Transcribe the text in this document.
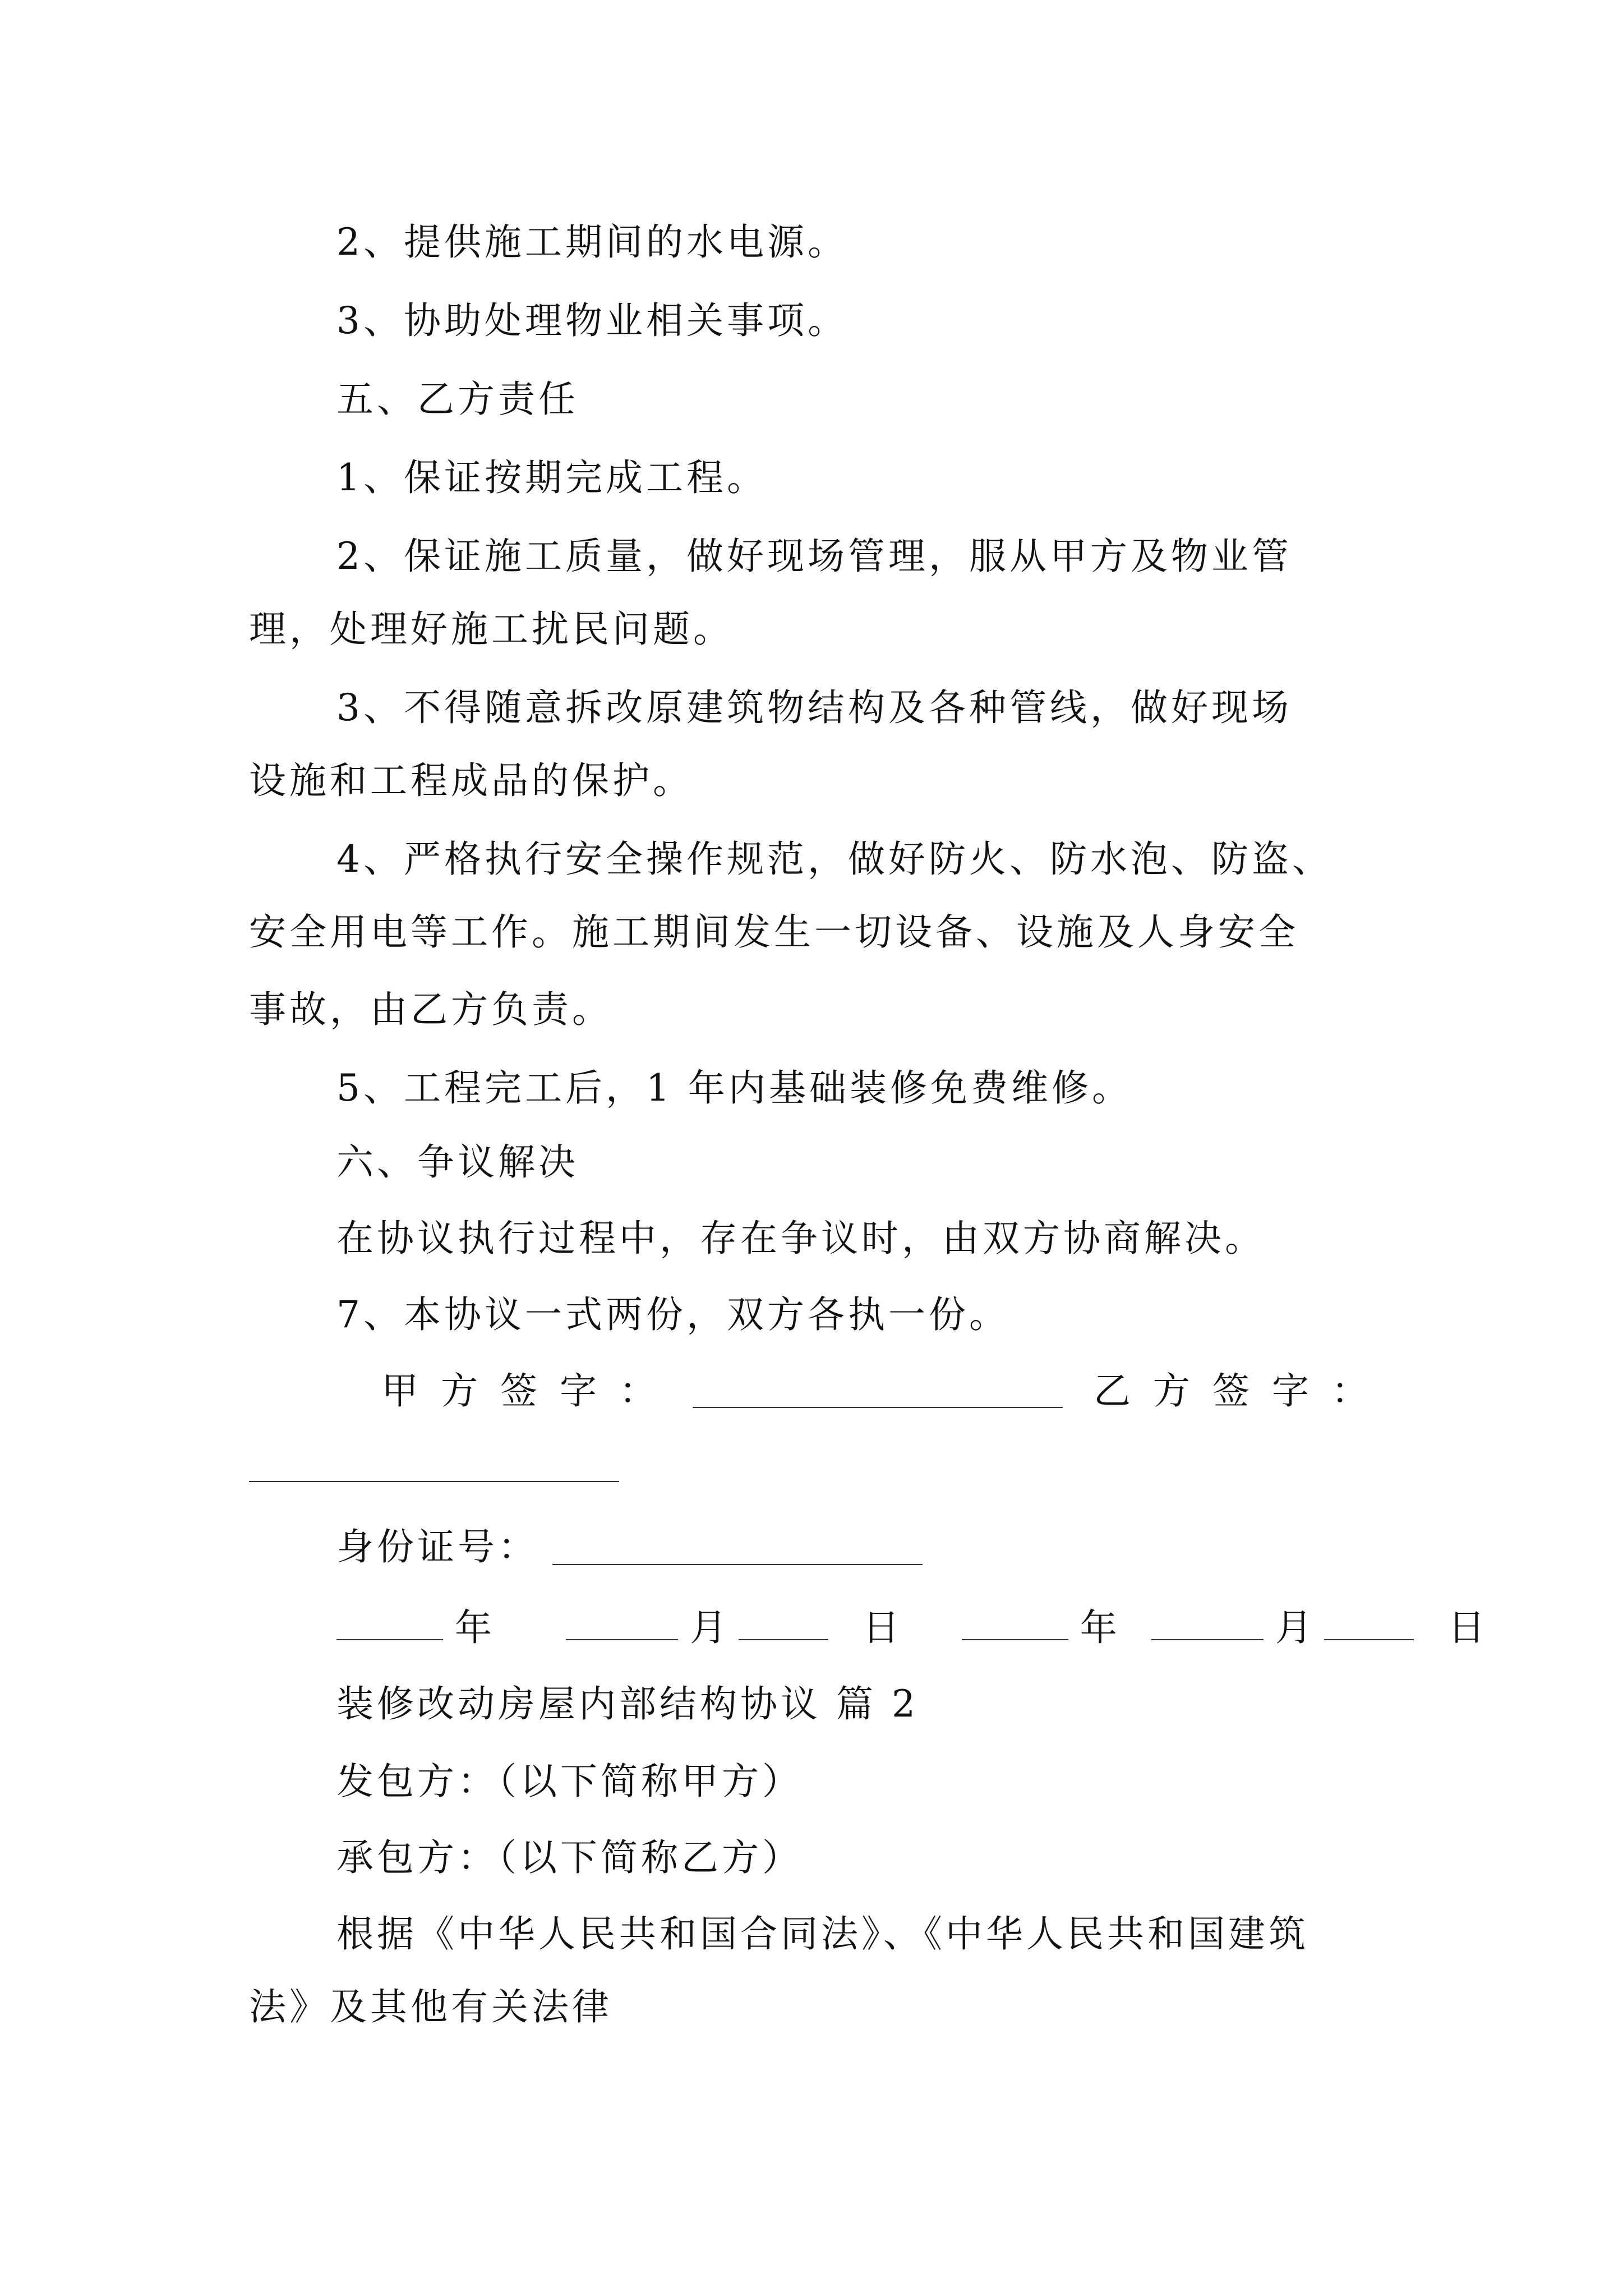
2、提供施工期间的水电源。
3、协助处理物业相关事项。
五、乙方责任
1、保证按期完成工程。
2、保证施工质量，做好现场管理，服从甲方及物业管
理，处理好施工扰民问题。
3、不得随意拆改原建筑物结构及各种管线，做好现场
设施和工程成品的保护。
4、严格执行安全操作规范，做好防火、防水泡、防盗、
安全用电等工作。施工期间发生一切设备、设施及人身安全
事故，由乙方负责。
5、工程完工后，1 年内基础装修免费维修。
六、争议解决
在协议执行过程中，存在争议时，由双方协商解决。
7、本协议一式两份，双方各执一份。
甲方签字：	乙方签字：
身份证号：
年	月	日	年	月	日
装修改动房屋内部结构协议 篇 2
发包方：（以下简称甲方）
承包方：（以下简称乙方）
根据《中华人民共和国合同法》、《中华人民共和国建筑
法》及其他有关法律
